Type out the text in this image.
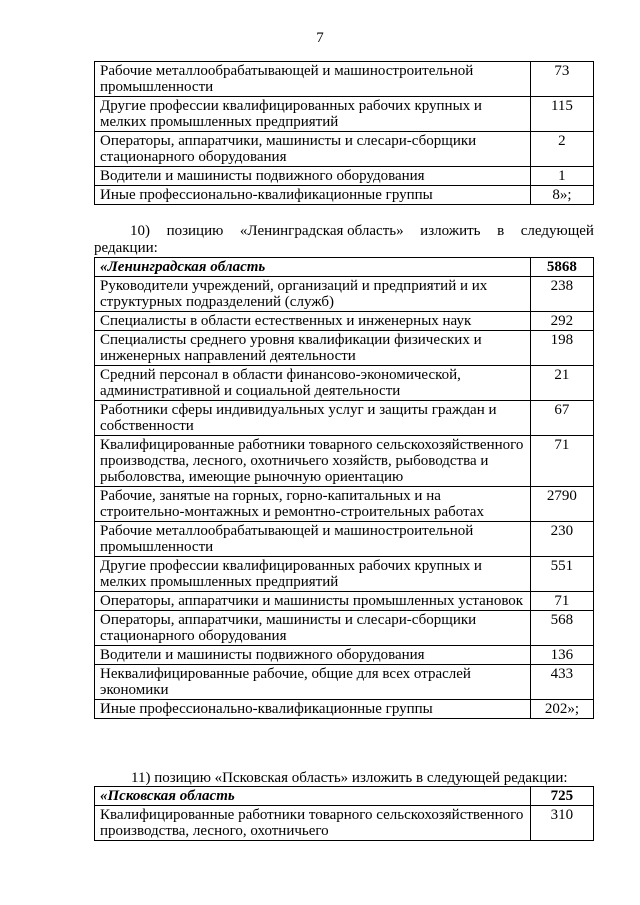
7
Рабочие металлообрабатывающей и машиностроительной промышленности	73
Другие профессии квалифицированных рабочих крупных и мелких промышленных предприятий	115
Операторы, аппаратчики, машинисты и слесари-сборщики стационарного оборудования	2
Водители и машинисты подвижного оборудования	1
Иные профессионально-квалификационные группы	8»;
10) позицию «Ленинградская область» изложить в следующей
редакции:
«Ленинградская область	5868
Руководители учреждений, организаций и предприятий и их структурных подразделений (служб)	238
Специалисты в области естественных и инженерных наук	292
Специалисты среднего уровня квалификации физических и инженерных направлений деятельности	198
Средний персонал в области финансово-экономической, административной и социальной деятельности	21
Работники сферы индивидуальных услуг и защиты граждан и собственности	67
Квалифицированные работники товарного сельскохозяйственного производства, лесного, охотничьего хозяйств, рыбоводства и рыболовства, имеющие рыночную ориентацию	71
Рабочие, занятые на горных, горно-капитальных и на строительно-монтажных и ремонтно-строительных работах	2790
Рабочие металлообрабатывающей и машиностроительной промышленности	230
Другие профессии квалифицированных рабочих крупных и мелких промышленных предприятий	551
Операторы, аппаратчики и машинисты промышленных установок	71
Операторы, аппаратчики, машинисты и слесари-сборщики стационарного оборудования	568
Водители и машинисты подвижного оборудования	136
Неквалифицированные рабочие, общие для всех отраслей экономики	433
Иные профессионально-квалификационные группы	202»;
11) позицию «Псковская область» изложить в следующей редакции:
«Псковская область	725
Квалифицированные работники товарного сельскохозяйственного производства, лесного, охотничьего	310
